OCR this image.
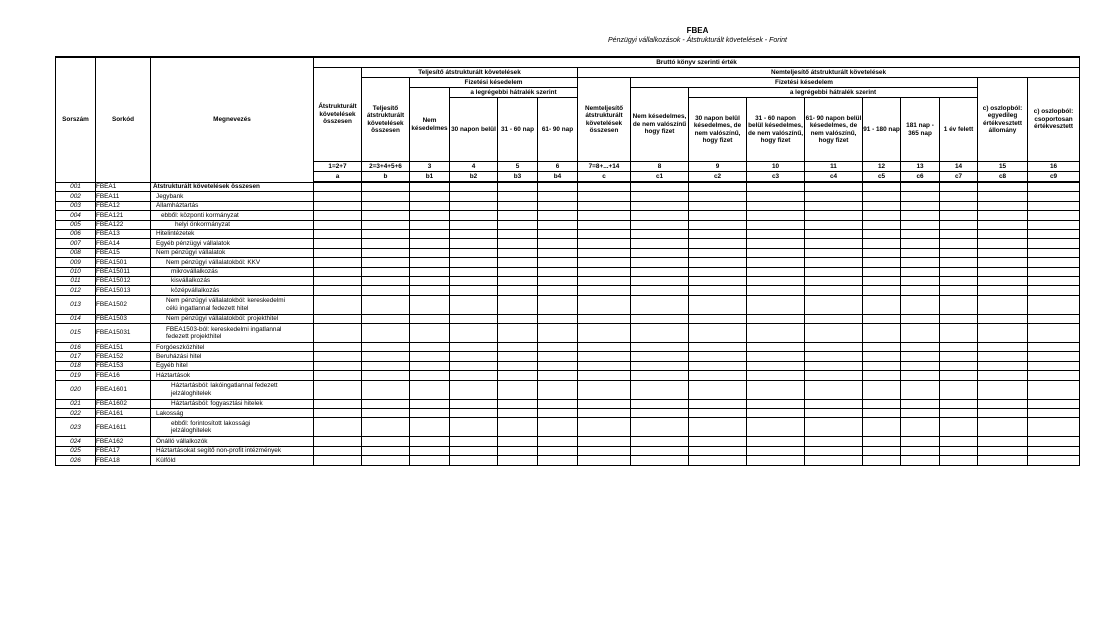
FBEA
Pénzügyi vállalkozások - Átstrukturált követelések - Forint
Sorszám	Sorkód	Megnevezés	Bruttó könyv szerinti érték															
			Átstrukturált követelések összesen	Teljesítő átstrukturált követelések					Nemteljesítő átstrukturált követelések									
				Teljesítő átstrukturált követelések összesen	Fizetési késedelem				Nemteljesítő átstrukturált követelések összesen	Fizetési késedelem							c) oszlopból: egyedileg értékvesztett állomány	c) oszlopból: csoportosan értékvesztett
					Nem késedelmes	a legrégebbi hátralék szerint				Nem késedelmes, de nem valószínű hogy fizet	a legrégebbi hátralék szerint							
						30 napon belül	31 - 60 nap	61- 90 nap			30 napon belül késedelmes, de nem valószínű, hogy fizet	31 - 60 napon belül késedelmes, de nem valószínű, hogy fizet	61- 90 napon belül késedelmes, de nem valószínű, hogy fizet	91 - 180 nap	181 nap - 365 nap	1 év felett		
			1=2+7	2=3+4+5+6	3	4	5	6	7=8+...+14	8	9	10	11	12	13	14	15	16
			a	b	b1	b2	b3	b4	c	c1	c2	c3	c4	c5	c6	c7	c8	c9
001	FBEA1	Átstrukturált követelések összesen																

002	FBEA11	Jegybank																

003	FBEA12	Államháztartás																

004	FBEA121	ebből: központi kormányzat																

005	FBEA122	helyi önkormányzat																

006	FBEA13	Hitelintézetek																

007	FBEA14	Egyéb pénzügyi vállalatok																

008	FBEA15	Nem pénzügyi vállalatok																

009	FBEA1501	Nem pénzügyi vállalatokból: KKV																

010	FBEA15011	mikrovállalkozás																

011	FBEA15012	kisvállalkozás																

012	FBEA15013	középvállalkozás																

013	FBEA1502	Nem pénzügyi vállalatokból: kereskedelmi
célú ingatlannal fedezett hitel																

014	FBEA1503	Nem pénzügyi vállalatokból: projekthitel																

015	FBEA15031	FBEA1503-ból: kereskedelmi ingatlannal
fedezett projekthitel																

016	FBEA151	Forgóeszközhitel																

017	FBEA152	Beruházási hitel																

018	FBEA153	Egyéb hitel																

019	FBEA16	Háztartások																

020	FBEA1601	Háztartásból: lakóingatlannal fedezett
jelzáloghitelek																

021	FBEA1602	Háztartásból: fogyasztási hitelek																

022	FBEA161	Lakosság																

023	FBEA1611	ebből: forintosított lakossági
jelzáloghitelek																

024	FBEA162	Önálló vállalkozók																

025	FBEA17	Háztartásokat segítő non-profit intézmények																

026	FBEA18	Külföld																
